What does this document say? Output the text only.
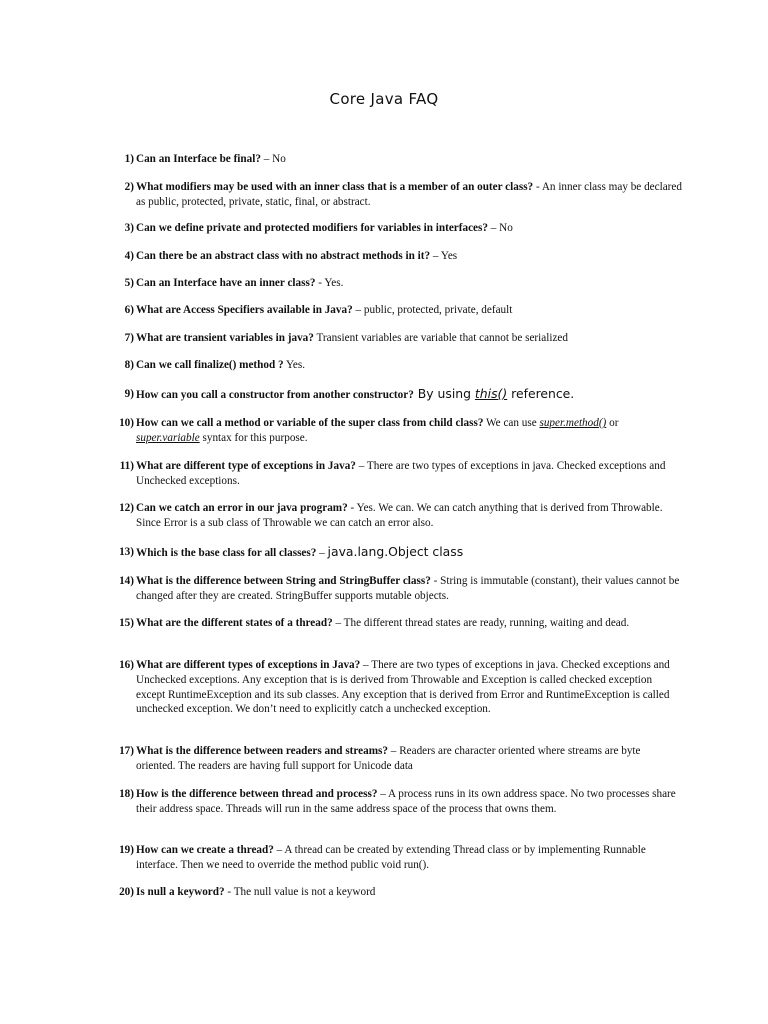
Core Java FAQ
1) Can an Interface be final? – No
2) What modifiers may be used with an inner class that is a member of an outer class? - An inner class may be declared as public, protected, private, static, final, or abstract.
3) Can we define private and protected modifiers for variables in interfaces? – No
4) Can there be an abstract class with no abstract methods in it? – Yes
5) Can an Interface have an inner class? - Yes.
6) What are Access Specifiers available in Java? – public, protected, private, default
7) What are transient variables in java? Transient variables are variable that cannot be serialized
8) Can we call finalize() method ? Yes.
9) How can you call a constructor from another constructor? By using this() reference.
10) How can we call a method or variable of the super class from child class? We can use super.method() or super.variable syntax for this purpose.
11) What are different type of exceptions in Java? – There are two types of exceptions in java. Checked exceptions and Unchecked exceptions.
12) Can we catch an error in our java program? - Yes. We can. We can catch anything that is derived from Throwable. Since Error is a sub class of Throwable we can catch an error also.
13) Which is the base class for all classes? – java.lang.Object class
14) What is the difference between String and StringBuffer class? - String is immutable (constant), their values cannot be changed after they are created. StringBuffer supports mutable objects.
15) What are the different states of a thread? – The different thread states are ready, running, waiting and dead.
16) What are different types of exceptions in Java? – There are two types of exceptions in java. Checked exceptions and Unchecked exceptions. Any exception that is is derived from Throwable and Exception is called checked exception except RuntimeException and its sub classes. Any exception that is derived from Error and RuntimeException is called unchecked exception. We don’t need to explicitly catch a unchecked exception.
17) What is the difference between readers and streams? – Readers are character oriented where streams are byte oriented. The readers are having full support for Unicode data
18) How is the difference between thread and process? – A process runs in its own address space. No two processes share their address space. Threads will run in the same address space of the process that owns them.
19) How can we create a thread? – A thread can be created by extending Thread class or by implementing Runnable interface. Then we need to override the method public void run().
20) Is null a keyword? - The null value is not a keyword
